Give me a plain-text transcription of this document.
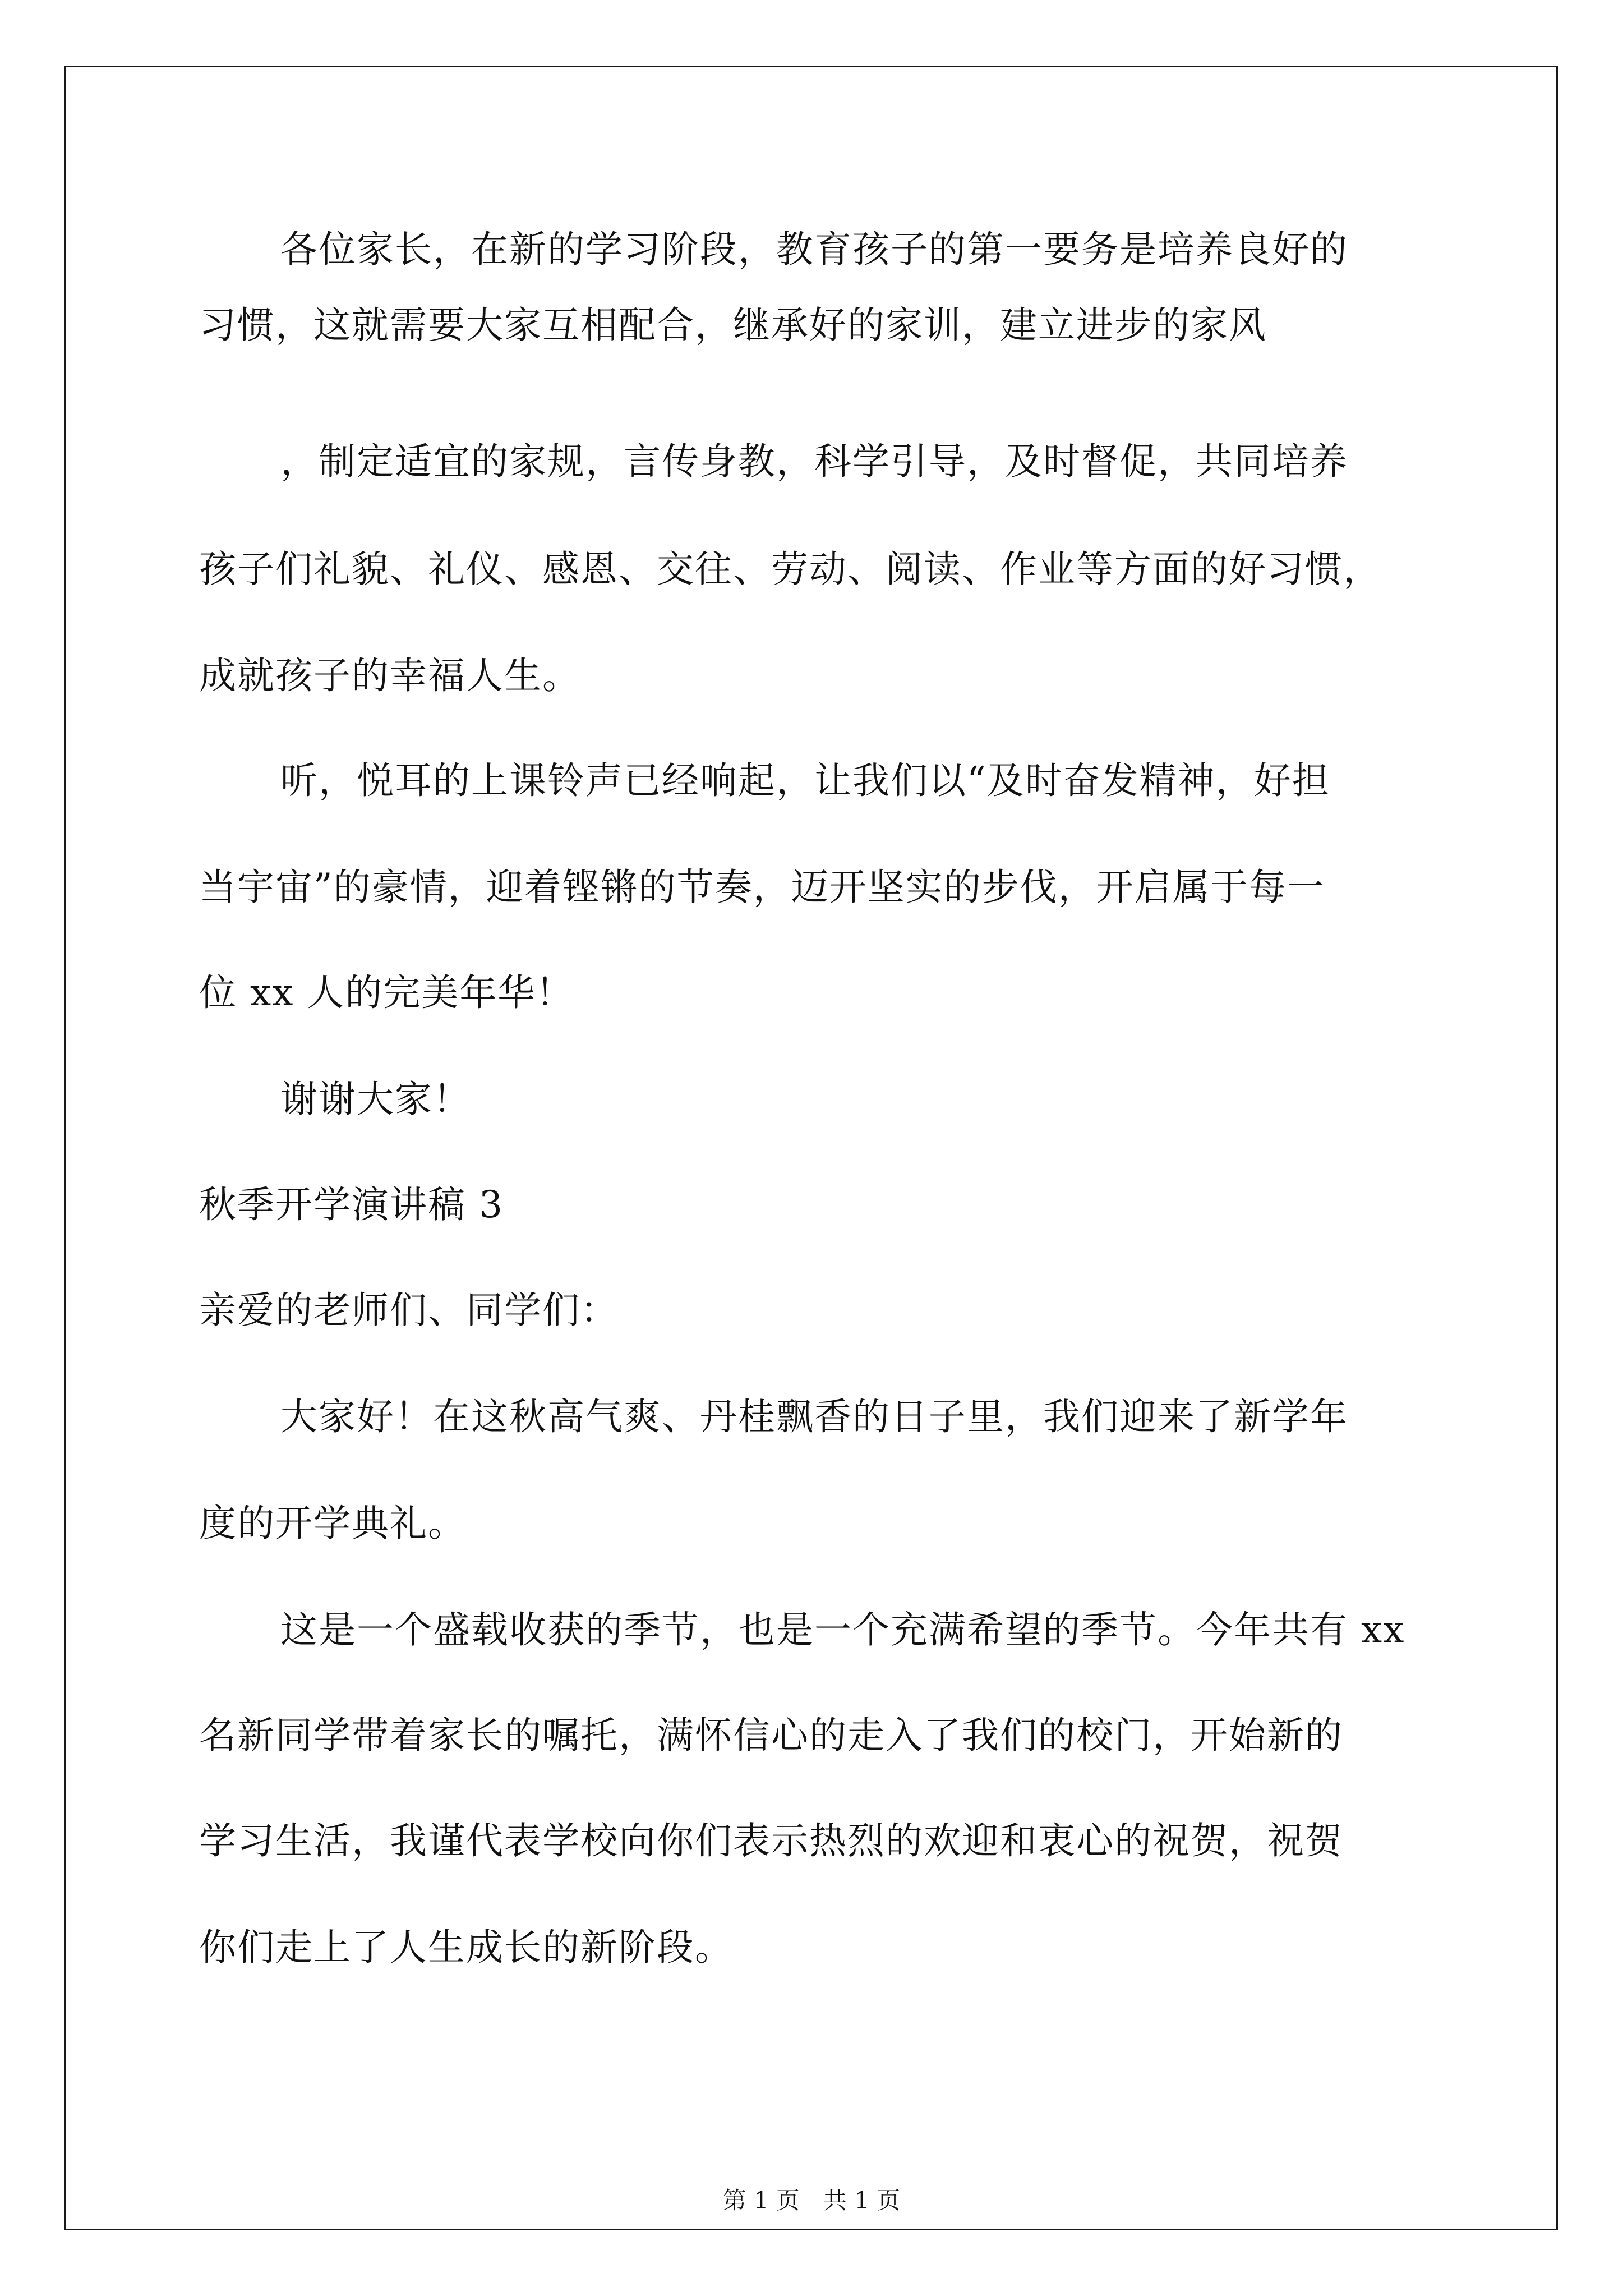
各位家长，在新的学习阶段，教育孩子的第一要务是培养良好的

习惯，这就需要大家互相配合，继承好的家训，建立进步的家风

，制定适宜的家规，言传身教，科学引导，及时督促，共同培养

孩子们礼貌、礼仪、感恩、交往、劳动、阅读、作业等方面的好习惯，

成就孩子的幸福人生。

听，悦耳的上课铃声已经响起，让我们以“及时奋发精神，好担

当宇宙”的豪情，迎着铿锵的节奏，迈开坚实的步伐，开启属于每一

位 xx 人的完美年华！

谢谢大家！

秋季开学演讲稿 3

亲爱的老师们、同学们：

大家好！在这秋高气爽、丹桂飘香的日子里，我们迎来了新学年

度的开学典礼。

这是一个盛载收获的季节，也是一个充满希望的季节。今年共有 xx

名新同学带着家长的嘱托，满怀信心的走入了我们的校门，开始新的

学习生活，我谨代表学校向你们表示热烈的欢迎和衷心的祝贺，祝贺

你们走上了人生成长的新阶段。

第 1 页　共 1 页
